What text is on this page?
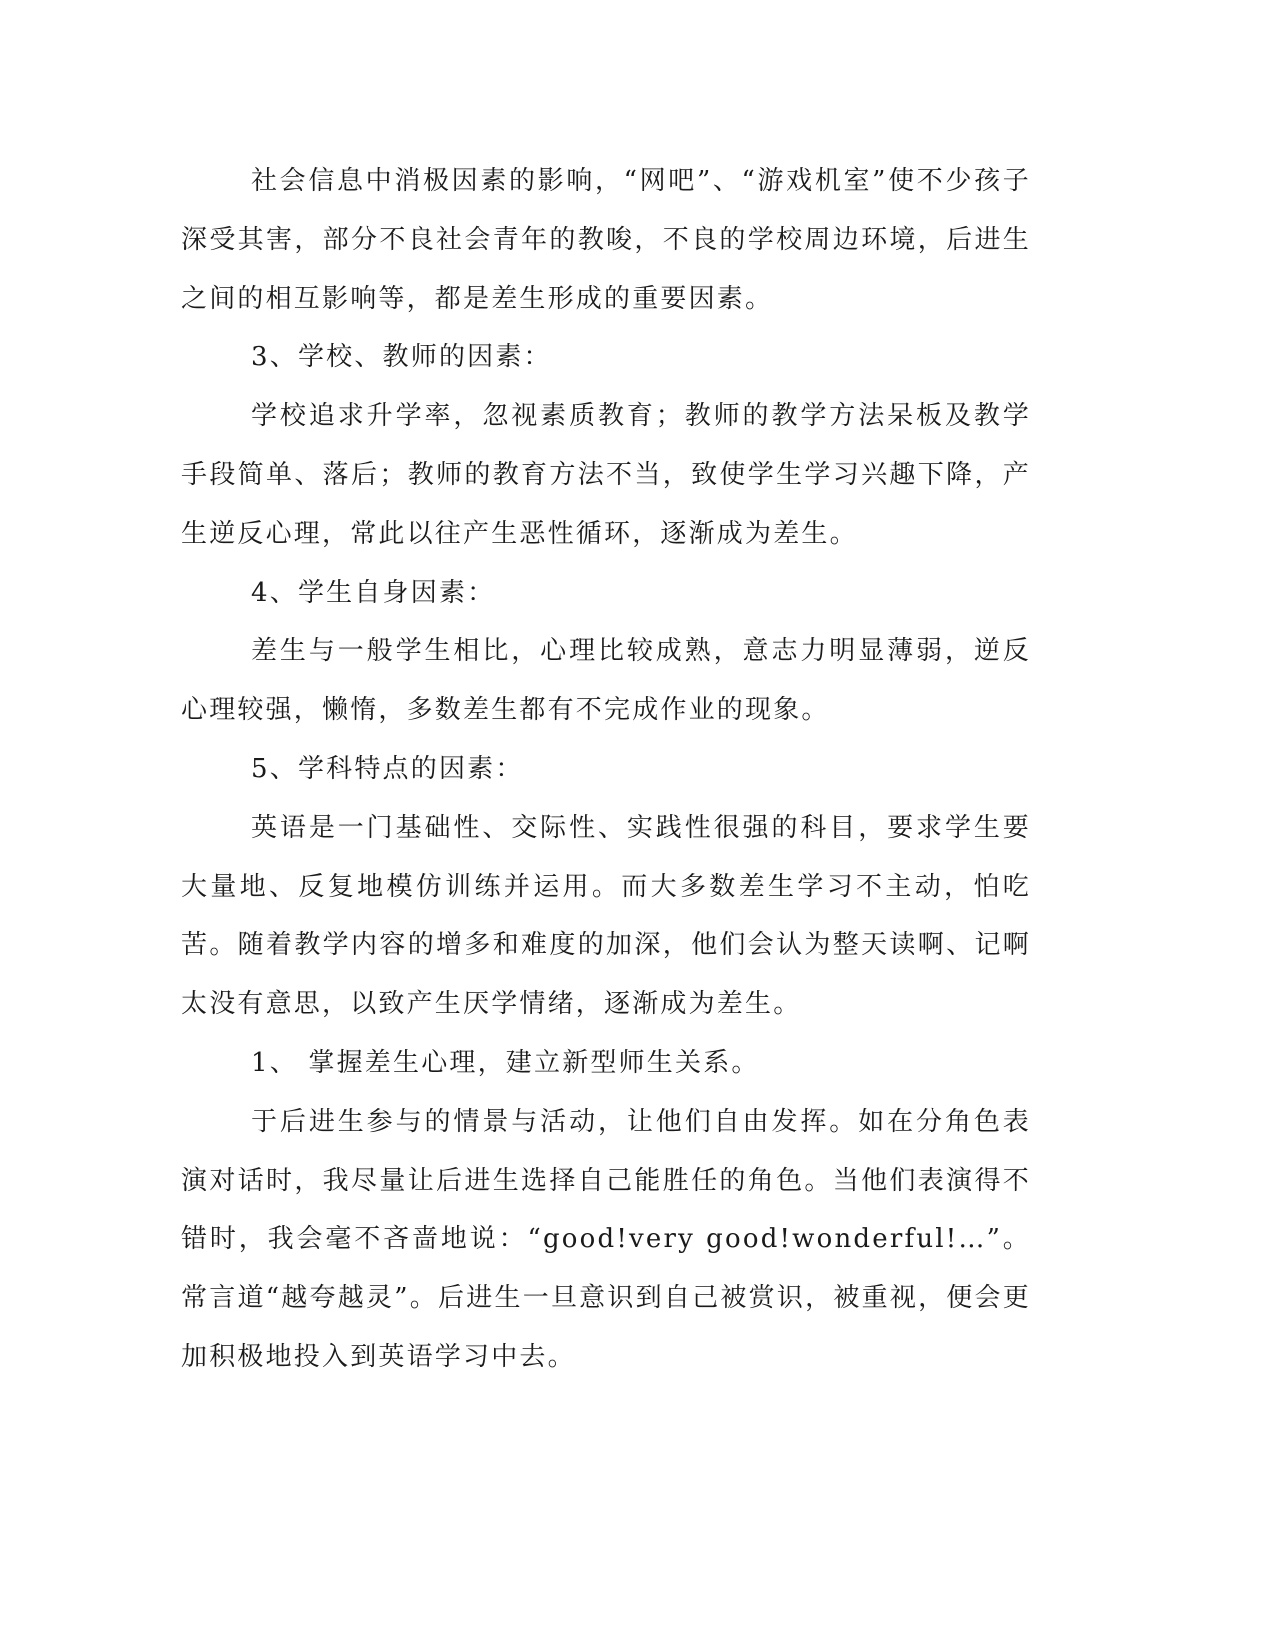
社会信息中消极因素的影响，“网吧”、“游戏机室”使不少孩子深受其害，部分不良社会青年的教唆，不良的学校周边环境，后进生之间的相互影响等，都是差生形成的重要因素。

3、学校、教师的因素：

学校追求升学率，忽视素质教育；教师的教学方法呆板及教学手段简单、落后；教师的教育方法不当，致使学生学习兴趣下降，产生逆反心理，常此以往产生恶性循环，逐渐成为差生。

4、学生自身因素：

差生与一般学生相比，心理比较成熟，意志力明显薄弱，逆反心理较强，懒惰，多数差生都有不完成作业的现象。

5、学科特点的因素：

英语是一门基础性、交际性、实践性很强的科目，要求学生要大量地、反复地模仿训练并运用。而大多数差生学习不主动，怕吃苦。随着教学内容的增多和难度的加深，他们会认为整天读啊、记啊太没有意思，以致产生厌学情绪，逐渐成为差生。

1、 掌握差生心理，建立新型师生关系。

于后进生参与的情景与活动，让他们自由发挥。如在分角色表演对话时，我尽量让后进生选择自己能胜任的角色。当他们表演得不错时，我会毫不吝啬地说：“good!very good!wonderful!…”。常言道“越夸越灵”。后进生一旦意识到自己被赏识，被重视，便会更加积极地投入到英语学习中去。
